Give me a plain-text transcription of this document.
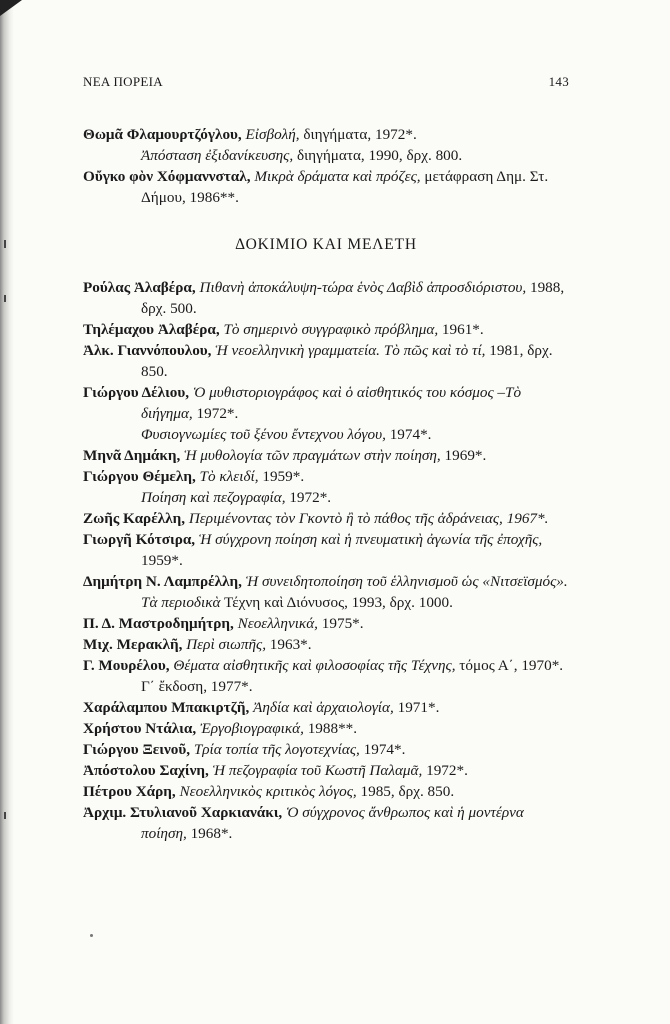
ΝΕΑ ΠΟΡΕΙΑ	143
Θωμᾶ Φλαμουρτζόγλου, Εἰσβολή, διηγήματα, 1972*.
Ἀπόσταση ἐξιδανίκευσης, διηγήματα, 1990, δρχ. 800.
Οὔγκο φὸν Χόφμαννσταλ, Μικρὰ δράματα καὶ πρόζες, μετάφραση Δημ. Στ. Δήμου, 1986**.
ΔΟΚΙΜΙΟ ΚΑΙ ΜΕΛΕΤΗ
Ρούλας Ἀλαβέρα, Πιθανὴ ἀποκάλυψη-τώρα ἑνὸς Δαβὶδ ἀπροσδιόριστου, 1988, δρχ. 500.
Τηλέμαχου Ἀλαβέρα, Τὸ σημερινὸ συγγραφικὸ πρόβλημα, 1961*.
Ἀλκ. Γιαννόπουλου, Ἡ νεοελληνικὴ γραμματεία. Τὸ πῶς καὶ τὸ τί, 1981, δρχ. 850.
Γιώργου Δέλιου, Ὁ μυθιστοριογράφος καὶ ὁ αἰσθητικός του κόσμος –Τὸ διήγημα, 1972*.
Φυσιογνωμίες τοῦ ξένου ἔντεχνου λόγου, 1974*.
Μηνᾶ Δημάκη, Ἡ μυθολογία τῶν πραγμάτων στὴν ποίηση, 1969*.
Γιώργου Θέμελη, Τὸ κλειδί, 1959*.
Ποίηση καὶ πεζογραφία, 1972*.
Ζωῆς Καρέλλη, Περιμένοντας τὸν Γκοντὸ ἢ τὸ πάθος τῆς ἀδράνειας, 1967*.
Γιωργῆ Κότσιρα, Ἡ σύγχρονη ποίηση καὶ ἡ πνευματικὴ ἀγωνία τῆς ἐποχῆς, 1959*.
Δημήτρη Ν. Λαμπρέλλη, Ἡ συνειδητοποίηση τοῦ ἑλληνισμοῦ ὡς «Νιτσεϊσμός». Τὰ περιοδικὰ Τέχνη καὶ Διόνυσος, 1993, δρχ. 1000.
Π. Δ. Μαστροδημήτρη, Νεοελληνικά, 1975*.
Μιχ. Μερακλῆ, Περὶ σιωπῆς, 1963*.
Γ. Μουρέλου, Θέματα αἰσθητικῆς καὶ φιλοσοφίας τῆς Τέχνης, τόμος Α΄, 1970*. Γ΄ ἔκδοση, 1977*.
Χαράλαμπου Μπακιρτζῆ, Ἀηδία καὶ ἀρχαιολογία, 1971*.
Χρήστου Ντάλια, Ἐργοβιογραφικά, 1988**.
Γιώργου Ξεινοῦ, Τρία τοπία τῆς λογοτεχνίας, 1974*.
Ἀπόστολου Σαχίνη, Ἡ πεζογραφία τοῦ Κωστῆ Παλαμᾶ, 1972*.
Πέτρου Χάρη, Νεοελληνικὸς κριτικὸς λόγος, 1985, δρχ. 850.
Ἀρχιμ. Στυλιανοῦ Χαρκιανάκι, Ὁ σύγχρονος ἄνθρωπος καὶ ἡ μοντέρνα ποίηση, 1968*.
